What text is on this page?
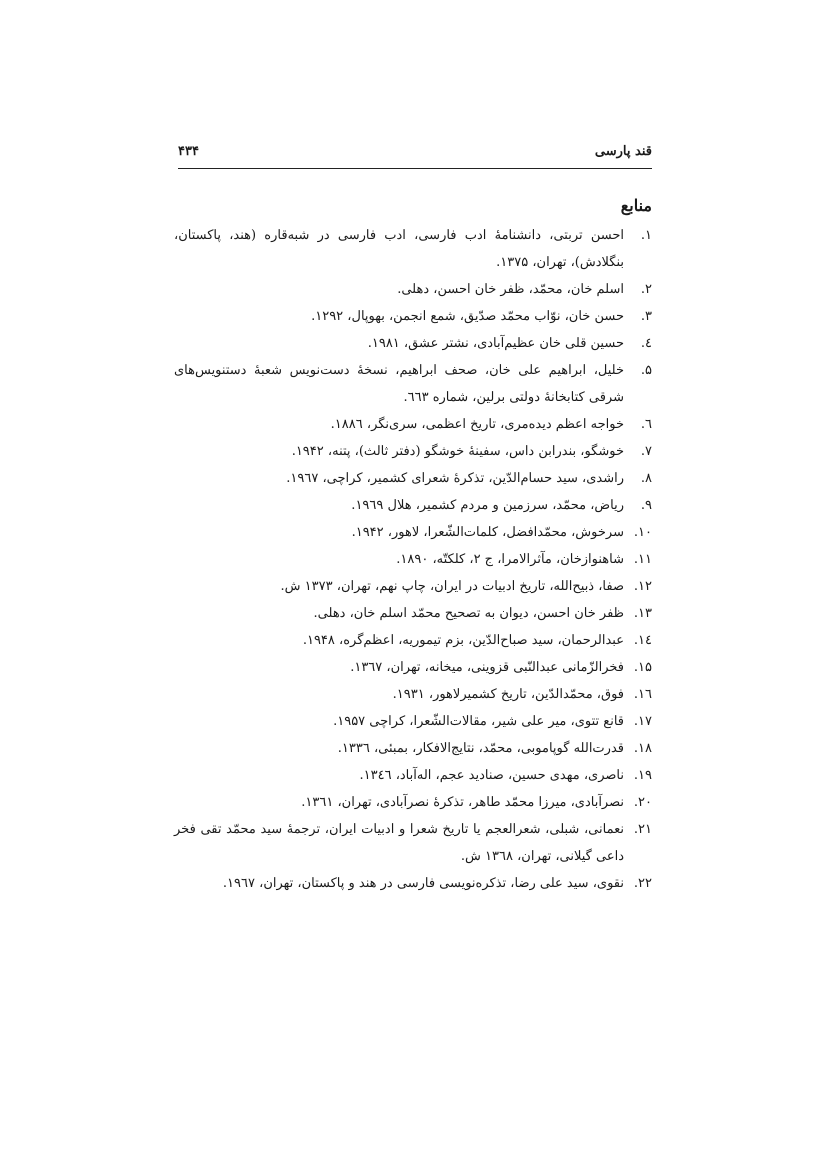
قند پارسی
۴۳۴
منابع
۱.
احسن تربتی، دانشنامهٔ ادب فارسی، ادب فارسی در شبه‌قاره (هند، پاکستان، بنگلادش)، تهران، ۱۳۷۵.
۲.
اسلم خان، محمّد، ظفر خان احسن، دهلی.
۳.
حسن خان، نوّاب محمّد صدّیق، شمع انجمن، بهوپال، ۱۲۹۲.
٤.
حسین قلی خان عظیم‌آبادی، نشتر عشق، ۱۹۸۱.
۵.
خلیل، ابراهیم علی خان، صحف ابراهیم، نسخهٔ دست‌نویس شعبهٔ دستنویس‌های شرقی کتابخانهٔ دولتی برلین، شماره ٦٦٣.
٦.
خواجه اعظم دیده‌مری، تاریخ اعظمی، سری‌نگر، ۱۸۸٦.
۷.
خوشگو، بندرابن داس، سفینهٔ خوشگو (دفتر ثالث)، پتنه، ۱۹۴۲.
۸.
راشدی، سید حسام‌الدّین، تذکرهٔ شعرای کشمیر، کراچی، ۱۹٦۷.
۹.
ریاض، محمّد، سرزمین و مردم کشمیر، هلال ۱۹٦۹.
۱۰.
سرخوش، محمّدافضل، کلمات‌الشّعرا، لاهور، ۱۹۴۲.
۱۱.
شاهنوازخان، مآثرالامرا، ج ۲، کلکتّه، ۱۸۹۰.
۱۲.
صفا، ذبیح‌الله، تاریخ ادبیات در ایران، چاپ نهم، تهران، ۱۳۷۳ ش.
۱۳.
ظفر خان احسن، دیوان به تصحیح محمّد اسلم خان، دهلی.
۱٤.
عبدالرحمان، سید صباح‌الدّین، بزم تیموریه، اعظم‌گره، ۱۹۴۸.
۱۵.
فخرالزّمانی عبدالنّبی قزوینی، میخانه، تهران، ۱۳٦۷.
۱٦.
فوق، محمّدالدّین، تاریخ کشمیرلاهور، ۱۹۳۱.
۱۷.
قانع تتوی، میر علی شیر، مقالات‌الشّعرا، کراچی ۱۹۵۷.
۱۸.
قدرت‌الله گوپاموبی، محمّد، نتایج‌الافکار، بمبئی، ۱۳۳٦.
۱۹.
ناصری، مهدی حسین، صنادید عجم، اله‌آباد، ۱۳٤٦.
۲۰.
نصرآبادی، میرزا محمّد طاهر، تذکرهٔ نصرآبادی، تهران، ۱۳٦۱.
۲۱.
نعمانی، شبلی، شعرالعجم یا تاریخ شعرا و ادبیات ایران، ترجمهٔ سید محمّد تقی فخر داعی گیلانی، تهران، ۱۳٦۸ ش.
۲۲.
نقوی، سید علی رضا، تذکره‌نویسی فارسی در هند و پاکستان، تهران، ۱۹٦۷.
